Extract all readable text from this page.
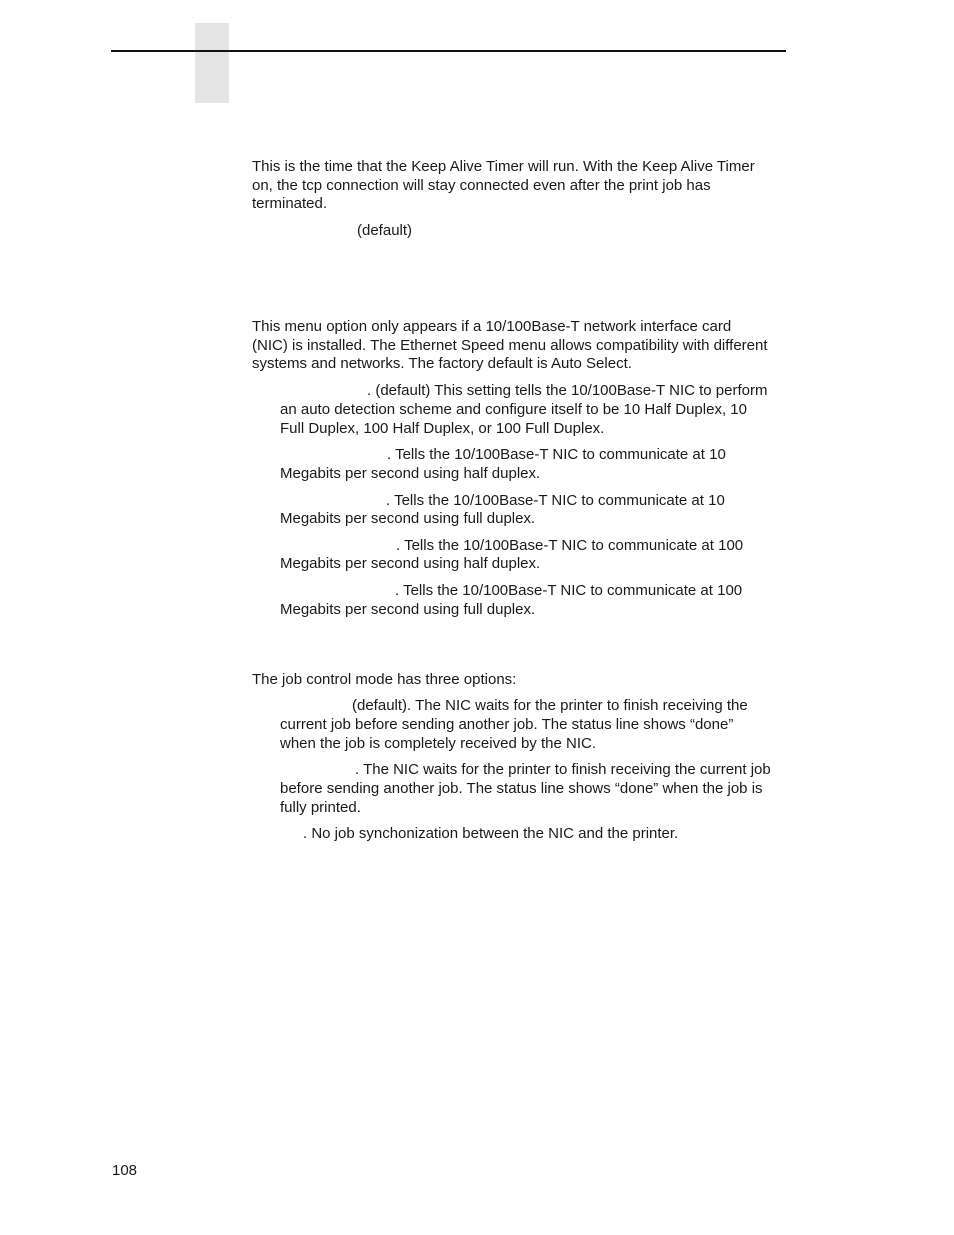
This is the time that the Keep Alive Timer will run. With the Keep Alive Timer

on, the tcp connection will stay connected even after the print job has

terminated.

(default)

This menu option only appears if a 10/100Base-T network interface card

(NIC) is installed. The Ethernet Speed menu allows compatibility with different

systems and networks. The factory default is Auto Select.

. (default) This setting tells the 10/100Base-T NIC to perform

an auto detection scheme and configure itself to be 10 Half Duplex, 10

Full Duplex, 100 Half Duplex, or 100 Full Duplex.

. Tells the 10/100Base-T NIC to communicate at 10

Megabits per second using half duplex.

. Tells the 10/100Base-T NIC to communicate at 10

Megabits per second using full duplex.

. Tells the 10/100Base-T NIC to communicate at 100

Megabits per second using half duplex.

. Tells the 10/100Base-T NIC to communicate at 100

Megabits per second using full duplex.

The job control mode has three options:

(default). The NIC waits for the printer to finish receiving the

current job before sending another job. The status line shows “done”

when the job is completely received by the NIC.

. The NIC waits for the printer to finish receiving the current job

before sending another job. The status line shows “done” when the job is

fully printed.

. No job synchonization between the NIC and the printer.

108
